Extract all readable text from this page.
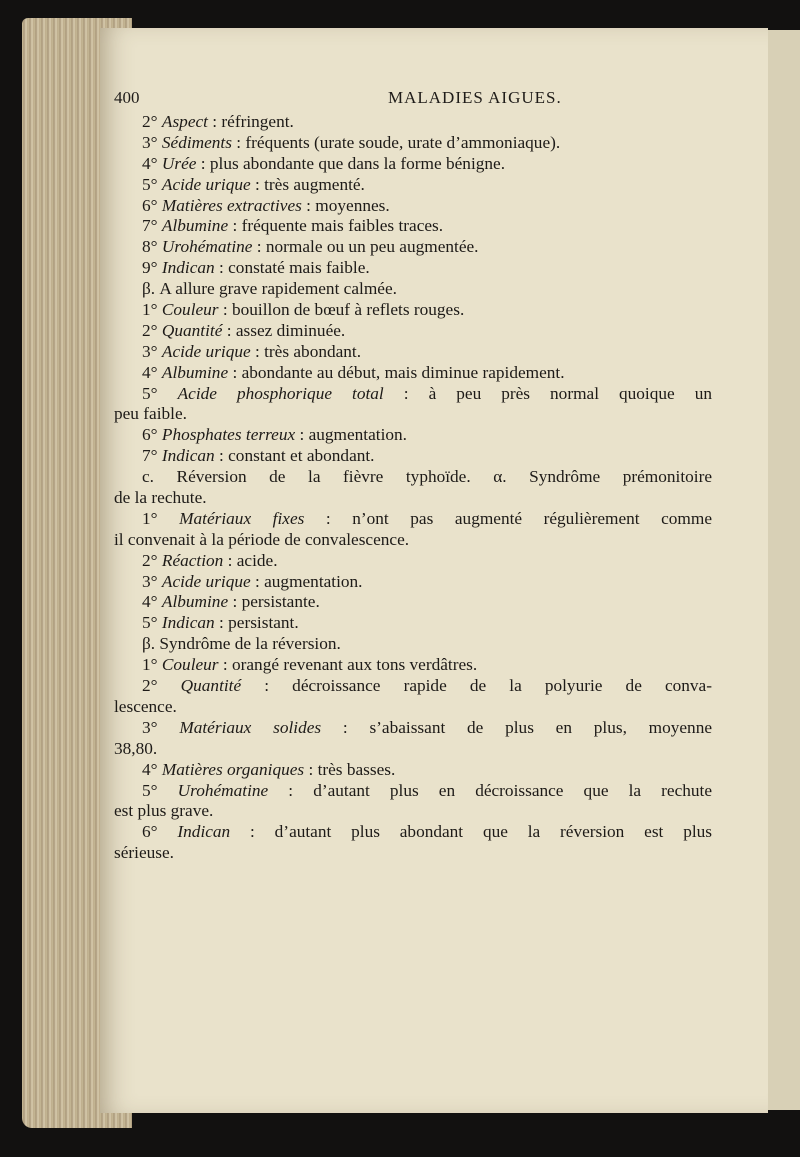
400	MALADIES AIGUES.
2° Aspect : réfringent.
3° Sédiments : fréquents (urate soude, urate d’ammoniaque).
4° Urée : plus abondante que dans la forme bénigne.
5° Acide urique : très augmenté.
6° Matières extractives : moyennes.
7° Albumine : fréquente mais faibles traces.
8° Urohématine : normale ou un peu augmentée.
9° Indican : constaté mais faible.
β. A allure grave rapidement calmée.
1° Couleur : bouillon de bœuf à reflets rouges.
2° Quantité : assez diminuée.
3° Acide urique : très abondant.
4° Albumine : abondante au début, mais diminue rapidement.
5° Acide phosphorique total : à peu près normal quoique un
peu faible.
6° Phosphates terreux : augmentation.
7° Indican : constant et abondant.
c. Réversion de la fièvre typhoïde. α. Syndrôme prémonitoire
de la rechute.
1° Matériaux fixes : n’ont pas augmenté régulièrement comme
il convenait à la période de convalescence.
2° Réaction : acide.
3° Acide urique : augmentation.
4° Albumine : persistante.
5° Indican : persistant.
β. Syndrôme de la réversion.
1° Couleur : orangé revenant aux tons verdâtres.
2° Quantité : décroissance rapide de la polyurie de conva-
lescence.
3° Matériaux solides : s’abaissant de plus en plus, moyenne
38,80.
4° Matières organiques : très basses.
5° Urohématine : d’autant plus en décroissance que la rechute
est plus grave.
6° Indican : d’autant plus abondant que la réversion est plus
sérieuse.
